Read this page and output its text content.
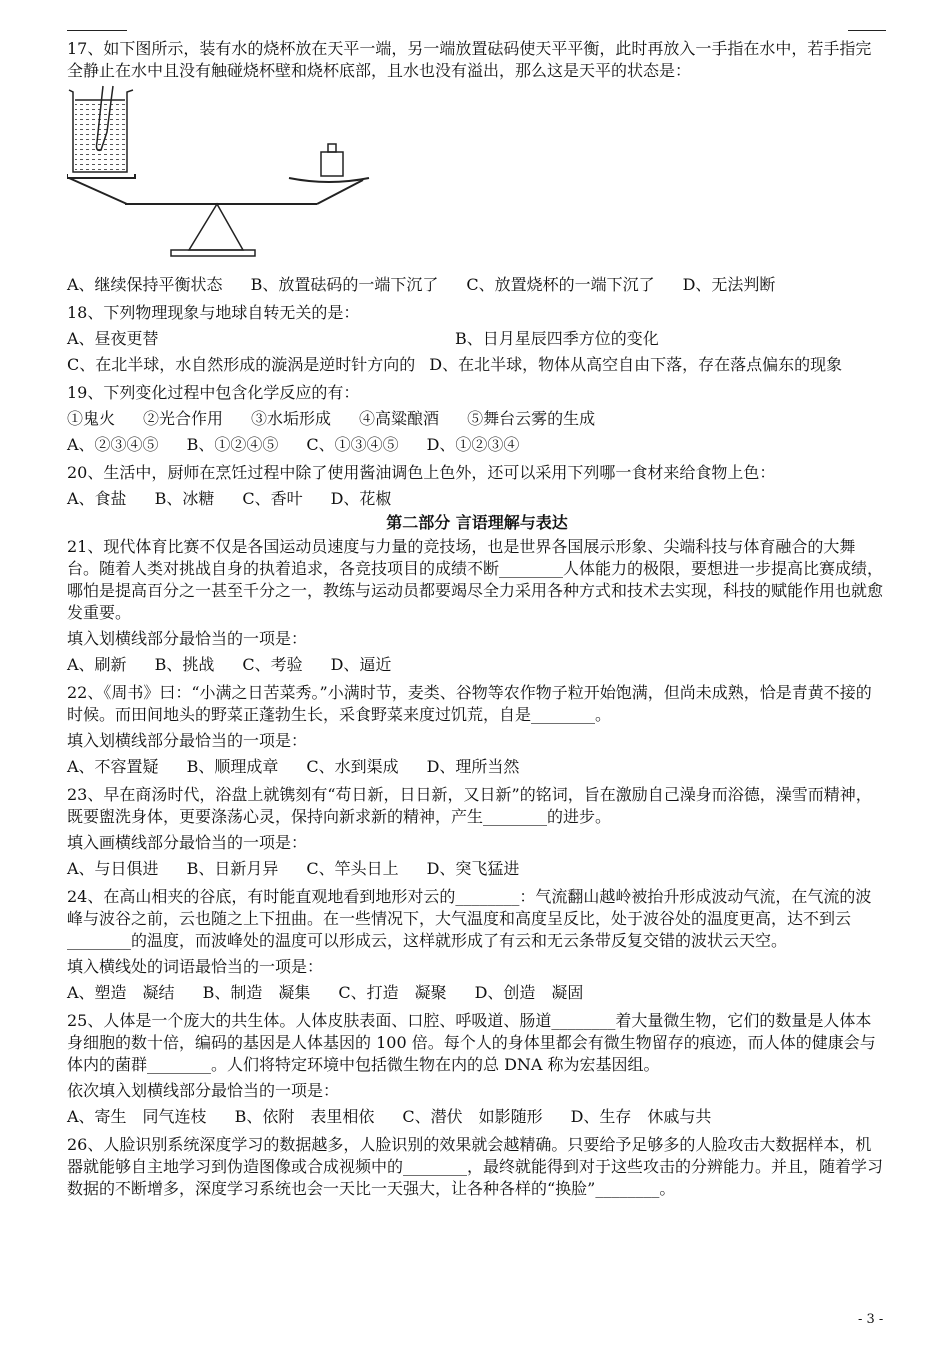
17、如下图所示，装有水的烧杯放在天平一端，另一端放置砝码使天平平衡，此时再放入一手指在水中，若手指完全静止在水中且没有触碰烧杯壁和烧杯底部，且水也没有溢出，那么这是天平的状态是：

A、继续保持平衡状态 B、放置砝码的一端下沉了 C、放置烧杯的一端下沉了 D、无法判断

18、下列物理现象与地球自转无关的是：

A、昼夜更替	B、日月星辰四季方位的变化
C、在北半球，水自然形成的漩涡是逆时针方向的 D、在北半球，物体从高空自由下落，存在落点偏东的现象

19、下列变化过程中包含化学反应的有：

①鬼火 ②光合作用 ③水垢形成 ④高粱酿酒 ⑤舞台云雾的生成
A、②③④⑤ B、①②④⑤ C、①③④⑤ D、①②③④

20、生活中，厨师在烹饪过程中除了使用酱油调色上色外，还可以采用下列哪一食材来给食物上色：

A、食盐 B、冰糖 C、香叶 D、花椒
第二部分 言语理解与表达

21、现代体育比赛不仅是各国运动员速度与力量的竞技场，也是世界各国展示形象、尖端科技与体育融合的大舞台。随着人类对挑战自身的执着追求，各竞技项目的成绩不断________人体能力的极限，要想进一步提高比赛成绩，哪怕是提高百分之一甚至千分之一，教练与运动员都要竭尽全力采用各种方式和技术去实现，科技的赋能作用也就愈发重要。

填入划横线部分最恰当的一项是：

A、刷新 B、挑战 C、考验 D、逼近

22、《周书》曰：“小满之日苦菜秀。”小满时节，麦类、谷物等农作物子粒开始饱满，但尚未成熟，恰是青黄不接的时候。而田间地头的野菜正蓬勃生长，采食野菜来度过饥荒，自是________。

填入划横线部分最恰当的一项是：

A、不容置疑 B、顺理成章 C、水到渠成 D、理所当然

23、早在商汤时代，浴盘上就镌刻有“苟日新，日日新，又日新”的铭词，旨在激励自己澡身而浴德，澡雪而精神，既要盥洗身体，更要涤荡心灵，保持向新求新的精神，产生________的进步。

填入画横线部分最恰当的一项是：

A、与日俱进 B、日新月异 C、竿头日上 D、突飞猛进

24、在高山相夹的谷底，有时能直观地看到地形对云的________：气流翻山越岭被抬升形成波动气流，在气流的波峰与波谷之前，云也随之上下扭曲。在一些情况下，大气温度和高度呈反比，处于波谷处的温度更高，达不到云________的温度，而波峰处的温度可以形成云，这样就形成了有云和无云条带反复交错的波状云天空。

填入横线处的词语最恰当的一项是：

A、塑造　凝结 B、制造　凝集 C、打造　凝聚 D、创造　凝固

25、人体是一个庞大的共生体。人体皮肤表面、口腔、呼吸道、肠道________着大量微生物，它们的数量是人体本身细胞的数十倍，编码的基因是人体基因的 100 倍。每个人的身体里都会有微生物留存的痕迹，而人体的健康会与体内的菌群________。人们将特定环境中包括微生物在内的总 DNA 称为宏基因组。

依次填入划横线部分最恰当的一项是：

A、寄生　同气连枝 B、依附　表里相依 C、潜伏　如影随形 D、生存　休戚与共

26、人脸识别系统深度学习的数据越多，人脸识别的效果就会越精确。只要给予足够多的人脸攻击大数据样本，机器就能够自主地学习到伪造图像或合成视频中的________，最终就能得到对于这些攻击的分辨能力。并且，随着学习数据的不断增多，深度学习系统也会一天比一天强大，让各种各样的“换脸”________。

- 3 -
